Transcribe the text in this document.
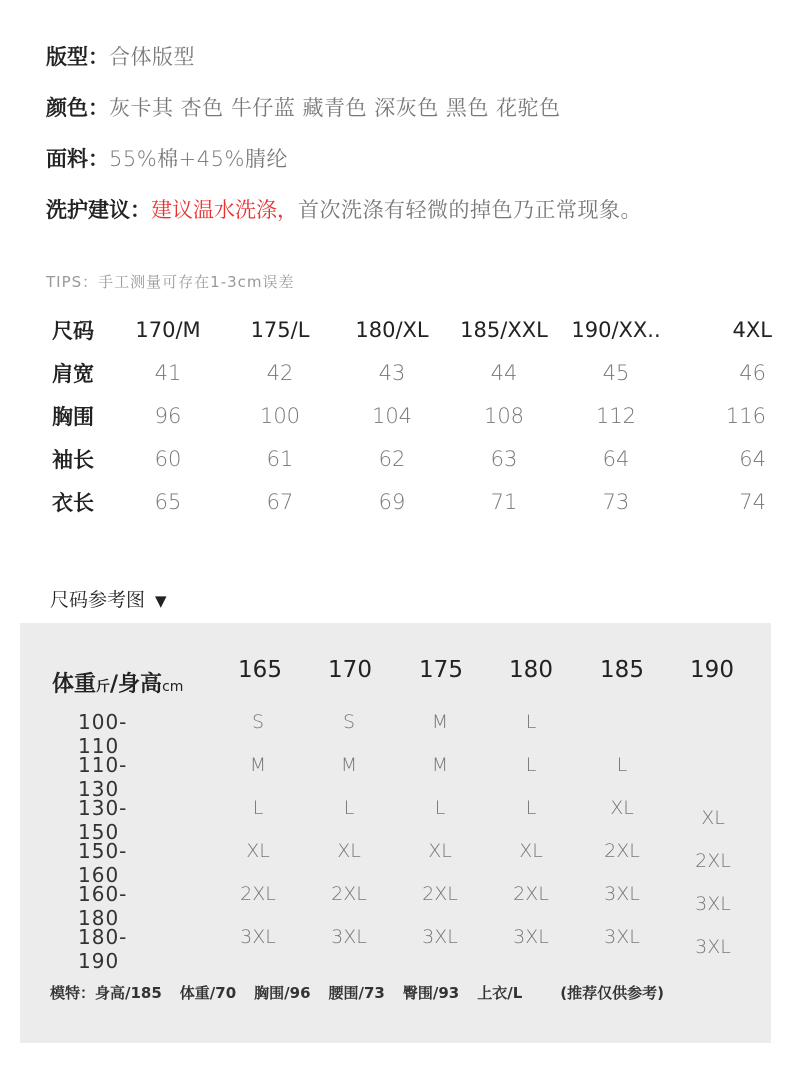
版型：合体版型
颜色：灰卡其 杏色 牛仔蓝 藏青色 深灰色 黑色 花驼色
面料：55%棉+45%腈纶
洗护建议：建议温水洗涤，首次洗涤有轻微的掉色乃正常现象。
TIPS：手工测量可存在1-3cm误差
尺码	170/M	175/L	180/XL	185/XXL	190/XX..	4XL
肩宽	41	42	43	44	45	46
胸围	96	100	104	108	112	116
袖长	60	61	62	63	64	64
衣长	65	67	69	71	73	74
尺码参考图 ▼
体重斤/身高cm
165	170	175	180	185	190
100-110
S	S	M	L
110-130
M	M	M	L	L
130-150
L	L	L	L	XL	XL
150-160
XL	XL	XL	XL	2XL	2XL
160-180
2XL	2XL	2XL	2XL	3XL	3XL
180-190
3XL	3XL	3XL	3XL	3XL	3XL
模特：身高/185 体重/70 胸围/96 腰围/73 臀围/93 上衣/L	(推荐仅供参考)
